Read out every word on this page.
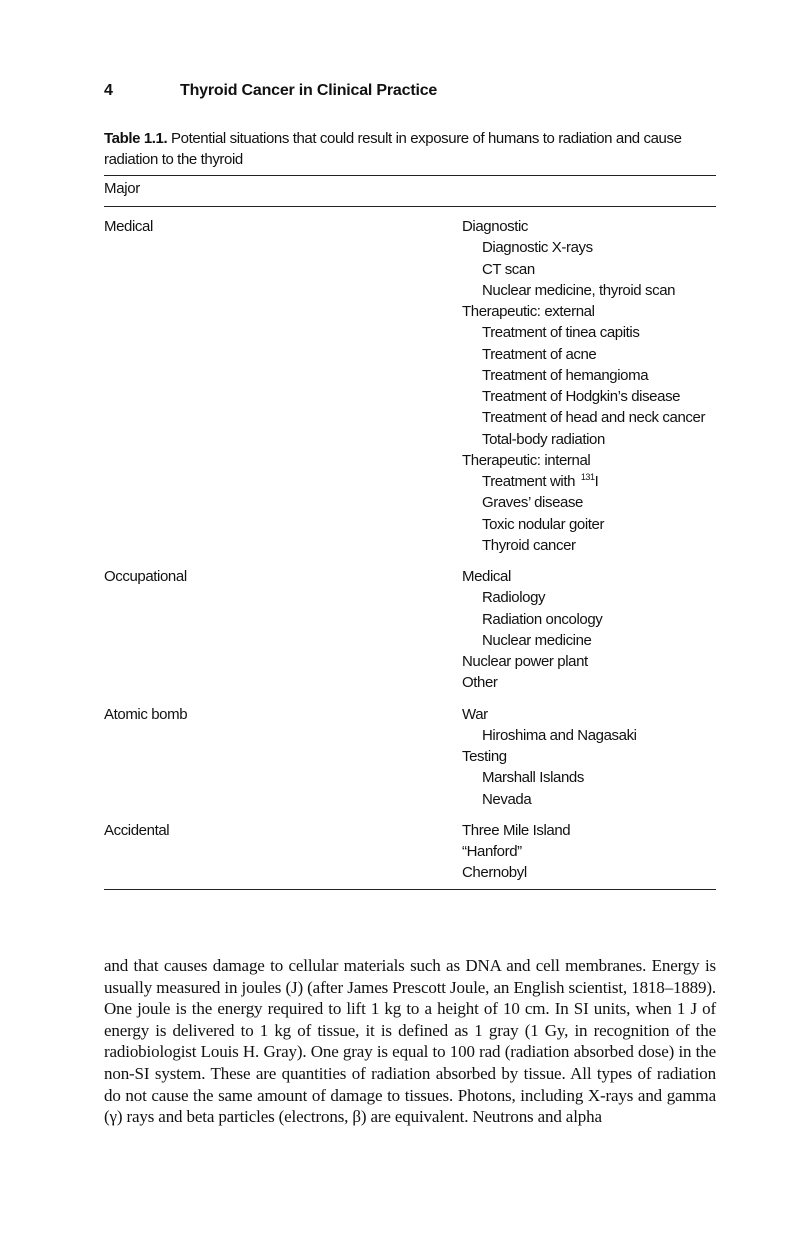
4	Thyroid Cancer in Clinical Practice
Table 1.1. Potential situations that could result in exposure of humans to radiation and cause radiation to the thyroid
Major
Medical	Diagnostic
Diagnostic X-rays
CT scan
Nuclear medicine, thyroid scan
Therapeutic: external
Treatment of tinea capitis
Treatment of acne
Treatment of hemangioma
Treatment of Hodgkin’s disease
Treatment of head and neck cancer
Total-body radiation
Therapeutic: internal
Treatment with $^{131}$I
Graves’ disease
Toxic nodular goiter
Thyroid cancer
Occupational	Medical
Radiology
Radiation oncology
Nuclear medicine
Nuclear power plant
Other
Atomic bomb	War
Hiroshima and Nagasaki
Testing
Marshall Islands
Nevada
Accidental	Three Mile Island
“Hanford”
Chernobyl
and that causes damage to cellular materials such as DNA and cell membranes. Energy is usually measured in joules (J) (after James Prescott Joule, an English scientist, 1818–1889). One joule is the energy required to lift 1 kg to a height of 10 cm. In SI units, when 1 J of energy is delivered to 1 kg of tissue, it is defined as 1 gray (1 Gy, in recognition of the radiobiologist Louis H. Gray). One gray is equal to 100 rad (radiation absorbed dose) in the non-SI system. These are quantities of radiation absorbed by tissue. All types of radiation do not cause the same amount of damage to tissues. Photons, including X-rays and gamma (γ) rays and beta particles (electrons, β) are equivalent. Neutrons and alpha
